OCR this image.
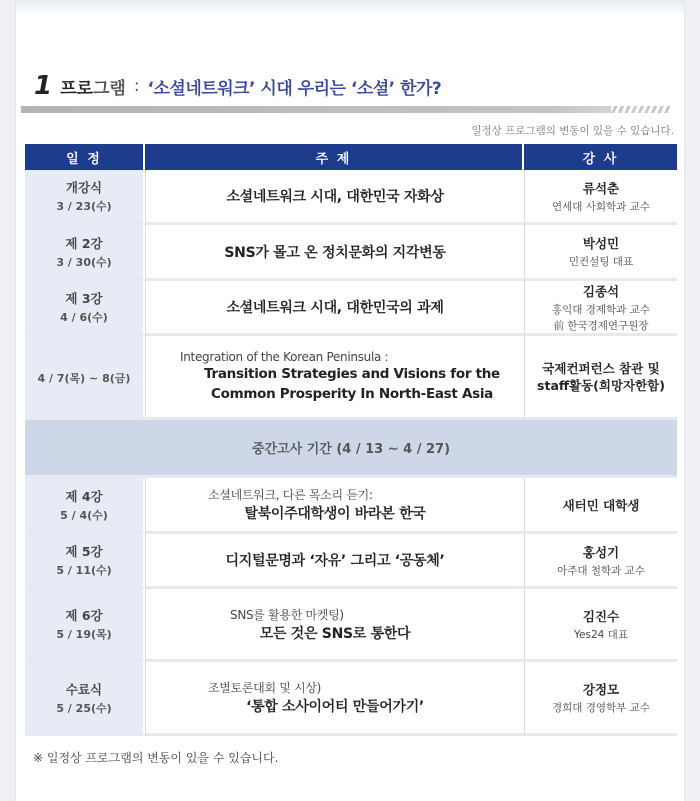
1 프로 그램 : ‘소셜네트워크’ 시대 우리는 ‘소셜’ 한가?
일정상 프로그램의 변동이 있을 수 있습니다.
일 정	주 제	강 사

개강식
3 / 23(수)	소셜네트워크 시대, 대한민국 자화상	류석춘
연세대 사회학과 교수

제 2강
3 / 30(수)	SNS가 몰고 온 정치문화의 지각변동	박성민
민컨설팅 대표

제 3강
4 / 6(수)	소셜네트워크 시대, 대한민국의 과제	김종석
홍익대 경제학과 교수
前 한국경제연구원장

4 / 7(목) ~ 8(금)	Integration of the Korean Peninsula :
Transition Strategies and Visions for the
Common Prosperity In North-East Asia	국제컨퍼런스 참관 및
staff활동(희망자한함)

중간고사 기간 (4 / 13 ~ 4 / 27)		

제 4강
5 / 4(수)	소셜네트워크, 다른 목소리 듣기:
탈북이주대학생이 바라본 한국	새터민 대학생

제 5강
5 / 11(수)	디지털문명과 ‘자유’ 그리고 ‘공동체’	홍성기
아주대 철학과 교수

제 6강
5 / 19(목)	SNS를 활용한 마켓팅)
모든 것은 SNS로 통한다	김진수
Yes24 대표

수료식
5 / 25(수)	조별토론대회 및 시상)
‘통합 소사이어티 만들어가기’	강정모
경희대 경영학부 교수
※ 일정상 프로그램의 변동이 있을 수 있습니다.
